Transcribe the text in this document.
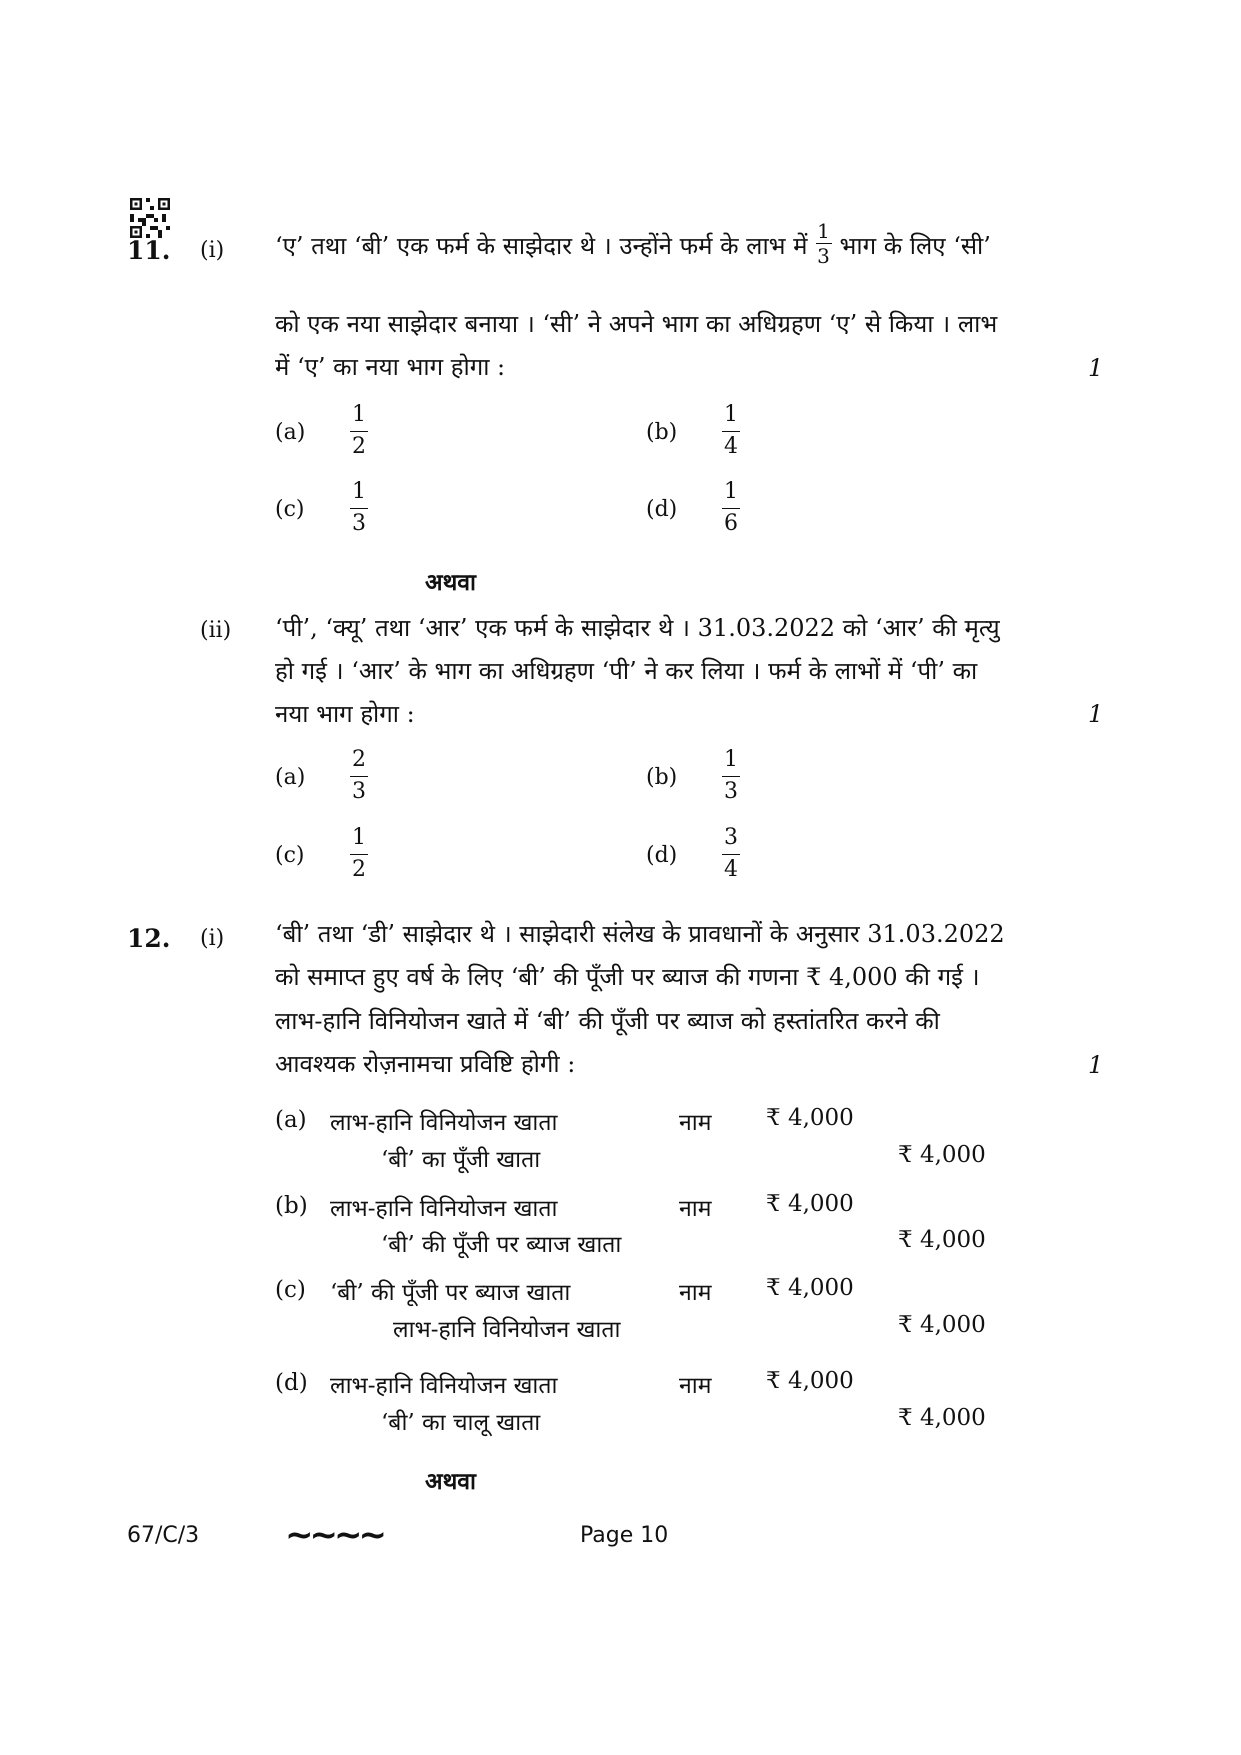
11. (i) ‘ए’ तथा ‘बी’ एक फर्म के साझेदार थे । उन्होंने फर्म के लाभ में $\frac{1}{3}$ भाग के लिए ‘सी’
को एक नया साझेदार बनाया । ‘सी’ ने अपने भाग का अधिग्रहण ‘ए’ से किया । लाभ
में ‘ए’ का नया भाग होगा :	1
(a)
1
2
(b)
1
4
(c)
1
3
(d)
1
6
अथवा
(ii) ‘पी’, ‘क्यू’ तथा ‘आर’ एक फर्म के साझेदार थे । 31.03.2022 को ‘आर’ की मृत्यु
हो गई । ‘आर’ के भाग का अधिग्रहण ‘पी’ ने कर लिया । फर्म के लाभों में ‘पी’ का
नया भाग होगा :	1
(a)
2
3
(b)
1
3
(c)
1
2
(d)
3
4
12. (i) ‘बी’ तथा ‘डी’ साझेदार थे । साझेदारी संलेख के प्रावधानों के अनुसार 31.03.2022
को समाप्त हुए वर्ष के लिए ‘बी’ की पूँजी पर ब्याज की गणना ₹ 4,000 की गई ।
लाभ-हानि विनियोजन खाते में ‘बी’ की पूँजी पर ब्याज को हस्तांतरित करने की
आवश्यक रोज़नामचा प्रविष्टि होगी :	1
(a) लाभ-हानि विनियोजन खाता	नाम ₹ 4,000
‘बी’ का पूँजी खाता	₹ 4,000
(b) लाभ-हानि विनियोजन खाता	नाम ₹ 4,000
‘बी’ की पूँजी पर ब्याज खाता	₹ 4,000
(c) ‘बी’ की पूँजी पर ब्याज खाता	नाम ₹ 4,000
लाभ-हानि विनियोजन खाता	₹ 4,000
(d) लाभ-हानि विनियोजन खाता	नाम ₹ 4,000
‘बी’ का चालू खाता	₹ 4,000
अथवा
67/C/3	~~~~	Page 10
